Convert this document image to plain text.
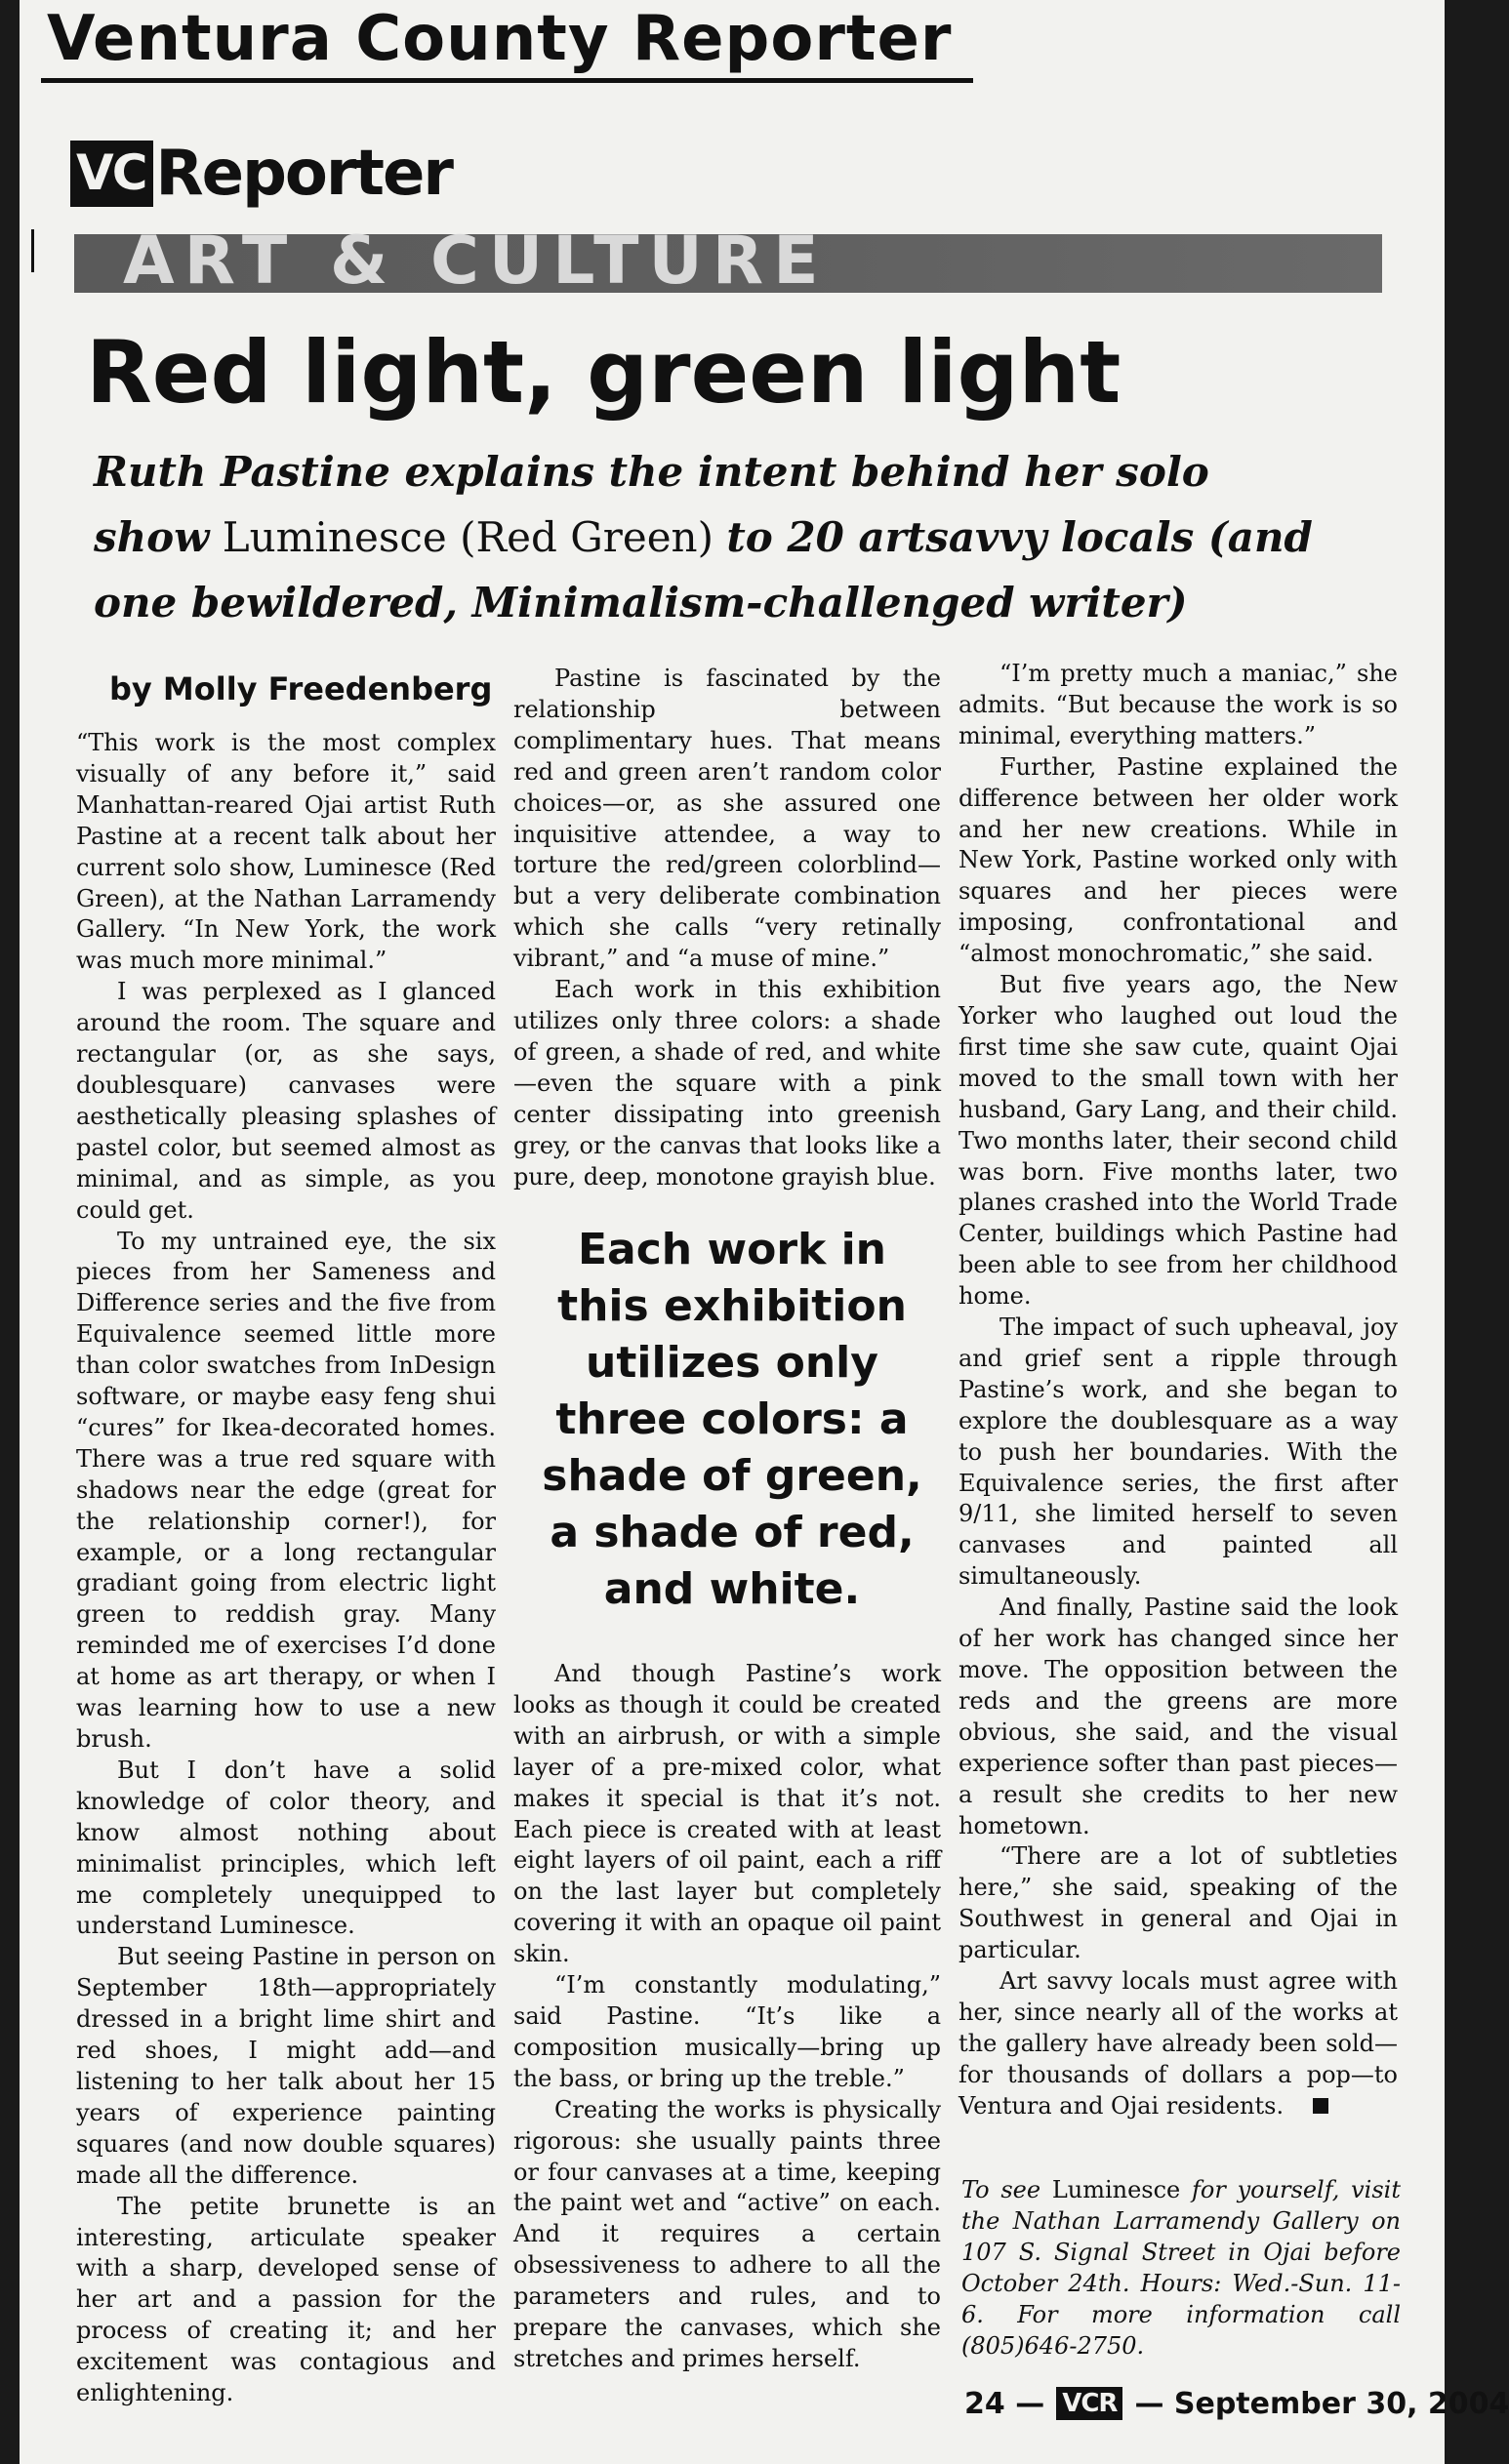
Ventura County Reporter
VC Reporter
ART & CULTURE
Red light, green light
Ruth Pastine explains the intent behind her solo show Luminesce (Red Green) to 20 artsavvy locals (and one bewildered, Minimalism-challenged writer)
by Molly Freedenberg

“This work is the most complex visually of any before it,” said Manhattan-reared Ojai artist Ruth Pastine at a recent talk about her current solo show, Luminesce (Red Green), at the Nathan Larramendy Gallery. “In New York, the work was much more minimal.”

I was perplexed as I glanced around the room. The square and rectangular (or, as she says, doublesquare) canvases were aesthetically pleasing splashes of pastel color, but seemed almost as minimal, and as simple, as you could get.

To my untrained eye, the six pieces from her Sameness and Difference series and the five from Equivalence seemed little more than color swatches from InDesign software, or maybe easy feng shui “cures” for Ikea-decorated homes. There was a true red square with shadows near the edge (great for the relationship corner!), for example, or a long rectangular gradiant going from electric light green to reddish gray. Many reminded me of exercises I’d done at home as art therapy, or when I was learning how to use a new brush.

But I don’t have a solid knowledge of color theory, and know almost nothing about minimalist principles, which left me completely unequipped to understand Luminesce.

But seeing Pastine in person on September 18th—appropriately dressed in a bright lime shirt and red shoes, I might add—and listening to her talk about her 15 years of experience painting squares (and now double squares) made all the difference.

The petite brunette is an interesting, articulate speaker with a sharp, developed sense of her art and a passion for the process of creating it; and her excitement was contagious and enlightening.

Pastine is fascinated by the relationship between complimentary hues. That means red and green aren’t random color choices—or, as she assured one inquisitive attendee, a way to torture the red/green colorblind—but a very deliberate combination which she calls “very retinally vibrant,” and “a muse of mine.”

Each work in this exhibition utilizes only three colors: a shade of green, a shade of red, and white—even the square with a pink center dissipating into greenish grey, or the canvas that looks like a pure, deep, monotone grayish blue.

Each work in this exhibition utilizes only three colors: a shade of green, a shade of red, and white.

And though Pastine’s work looks as though it could be created with an airbrush, or with a simple layer of a pre-mixed color, what makes it special is that it’s not. Each piece is created with at least eight layers of oil paint, each a riff on the last layer but completely covering it with an opaque oil paint skin.

“I’m constantly modulating,” said Pastine. “It’s like a composition musically—bring up the bass, or bring up the treble.”

Creating the works is physically rigorous: she usually paints three or four canvases at a time, keeping the paint wet and “active” on each. And it requires a certain obsessiveness to adhere to all the parameters and rules, and to prepare the canvases, which she stretches and primes herself.

“I’m pretty much a maniac,” she admits. “But because the work is so minimal, everything matters.”

Further, Pastine explained the difference between her older work and her new creations. While in New York, Pastine worked only with squares and her pieces were imposing, confrontational and “almost monochromatic,” she said.

But five years ago, the New Yorker who laughed out loud the first time she saw cute, quaint Ojai moved to the small town with her husband, Gary Lang, and their child. Two months later, their second child was born. Five months later, two planes crashed into the World Trade Center, buildings which Pastine had been able to see from her childhood home.

The impact of such upheaval, joy and grief sent a ripple through Pastine’s work, and she began to explore the doublesquare as a way to push her boundaries. With the Equivalence series, the first after 9/11, she limited herself to seven canvases and painted all simultaneously.

And finally, Pastine said the look of her work has changed since her move. The opposition between the reds and the greens are more obvious, she said, and the visual experience softer than past pieces—a result she credits to her new hometown.

“There are a lot of subtleties here,” she said, speaking of the Southwest in general and Ojai in particular.

Art savvy locals must agree with her, since nearly all of the works at the gallery have already been sold—for thousands of dollars a pop—to Ventura and Ojai residents.

To see Luminesce for yourself, visit the Nathan Larramendy Gallery on 107 S. Signal Street in Ojai before October 24th. Hours: Wed.-Sun. 11-6. For more information call (805)646-2750.
24 — VCR — September 30, 2004
